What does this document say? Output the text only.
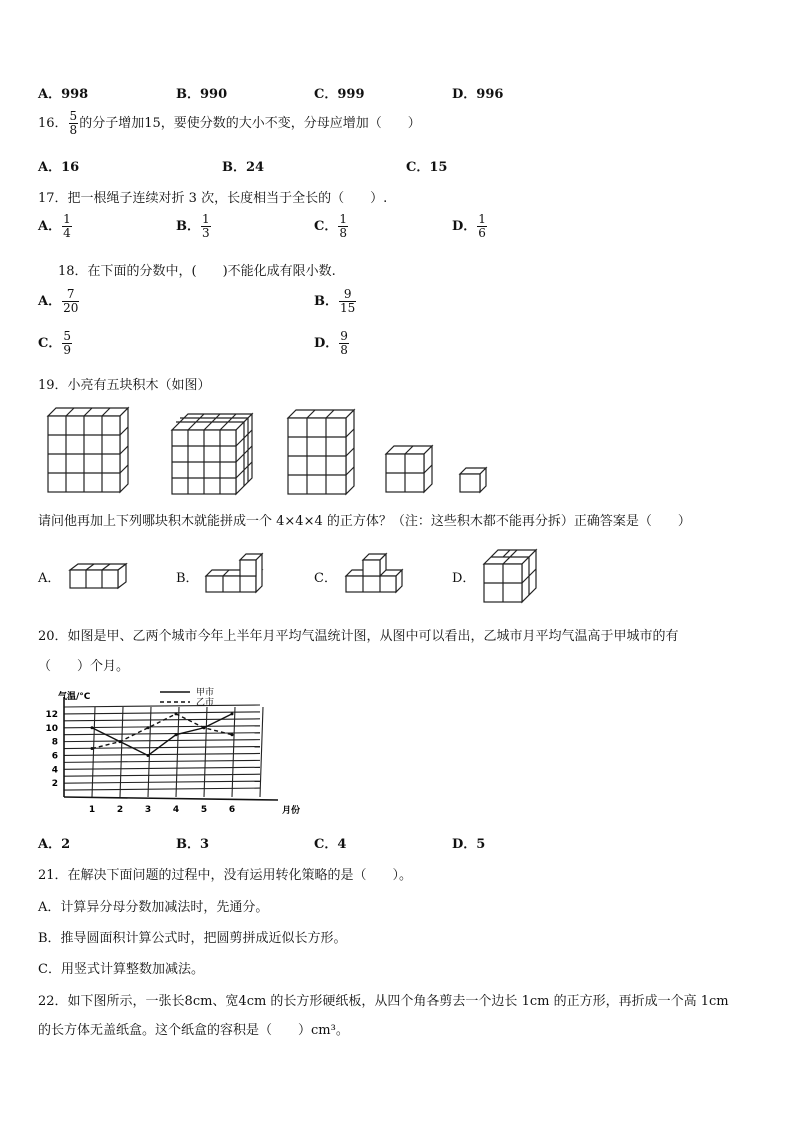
A．998	B．990	C．999	D．996
16． $\frac{5}{8}$ 的分子增加15，要使分数的大小不变，分母应增加（　　）
A．16	B．24	C．15
17．把一根绳子连续对折 3 次，长度相当于全长的（　　）.
A． $\frac{1}{4}$	B． $\frac{1}{3}$	C． $\frac{1}{8}$	D． $\frac{1}{6}$
18．在下面的分数中，(　　)不能化成有限小数.
A． $\frac{7}{20}$	B． $\frac{9}{15}$
C． $\frac{5}{9}$	D． $\frac{9}{8}$
19．小亮有五块积木（如图）
请问他再加上下列哪块积木就能拼成一个 4×4×4 的正方体？（注：这些积木都不能再分拆）正确答案是（　　）
A．	B．	C．	D．
20．如图是甲、乙两个城市今年上半年月平均气温统计图，从图中可以看出，乙城市月平均气温高于甲城市的有
（　　）个月。
2
4
6
8
10
12
1 2 3 4 5 6
气温/°C
月份
甲市
乙市
A．2	B．3	C．4	D．5
21．在解决下面问题的过程中，没有运用转化策略的是（　　）。
A．计算异分母分数加减法时，先通分。
B．推导圆面积计算公式时，把圆剪拼成近似长方形。
C．用竖式计算整数加减法。
22．如下图所示，一张长8cm、宽4cm 的长方形硬纸板，从四个角各剪去一个边长 1cm 的正方形，再折成一个高 1cm
的长方体无盖纸盒。这个纸盒的容积是（　　）cm³。
